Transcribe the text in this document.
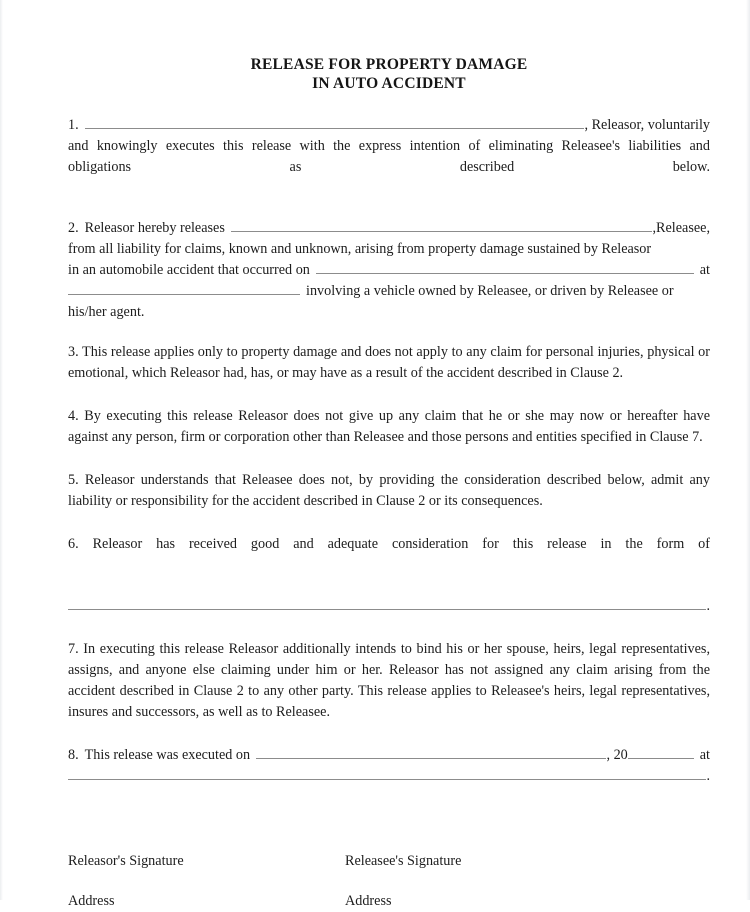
RELEASE FOR PROPERTY DAMAGE
IN AUTO ACCIDENT
1.	, Releasor, voluntarily
and knowingly executes this release with the express intention of eliminating Releasee's liabilities and obligations as described below.
2. Releasor hereby releases	,Releasee,
from all liability for claims, known and unknown, arising from property damage sustained by Releasor
in an automobile accident that occurred on	at
involving a vehicle owned by Releasee, or driven by Releasee or
his/her agent.
3. This release applies only to property damage and does not apply to any claim for personal injuries, physical or emotional, which Releasor had, has, or may have as a result of the accident described in Clause 2.
4. By executing this release Releasor does not give up any claim that he or she may now or hereafter have against any person, firm or corporation other than Releasee and those persons and entities specified in Clause 7.
5. Releasor understands that Releasee does not, by providing the consideration described below, admit any liability or responsibility for the accident described in Clause 2 or its consequences.
6. Releasor has received good and adequate consideration for this release in the form of
.
7. In executing this release Releasor additionally intends to bind his or her spouse, heirs, legal representatives, assigns, and anyone else claiming under him or her. Releasor has not assigned any claim arising from the accident described in Clause 2 to any other party. This release applies to Releasee's heirs, legal representatives, insures and successors, as well as to Releasee.
8. This release was executed on	, 20	at
.
Releasor's Signature	Releasee's Signature
Address	Address
